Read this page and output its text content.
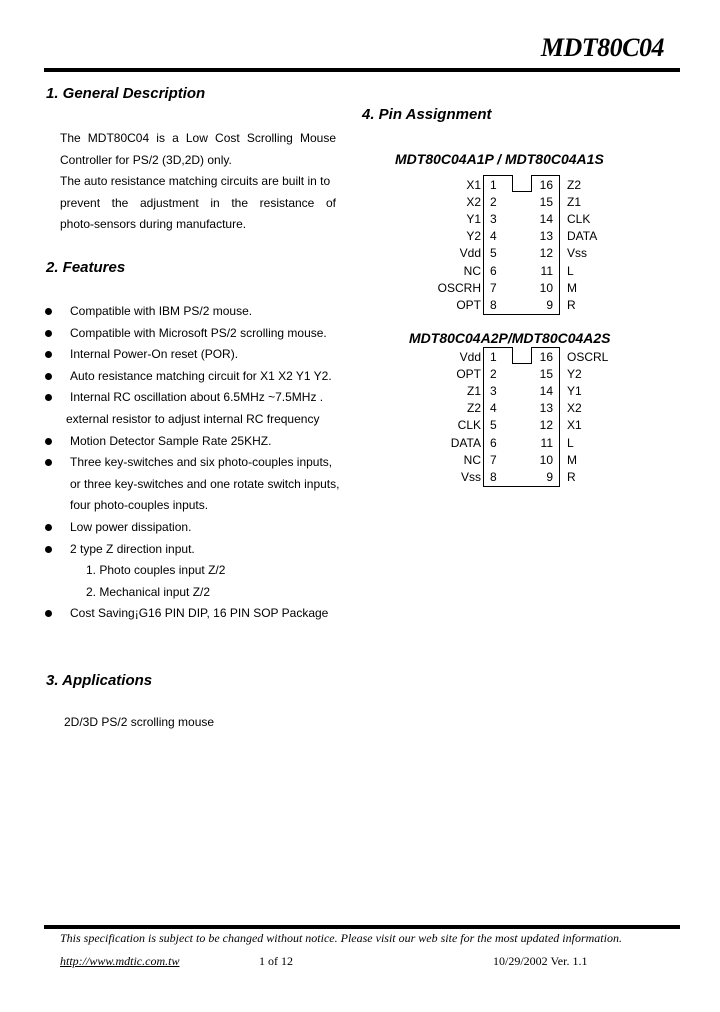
MDT80C04
1. General Description

The MDT80C04 is a Low Cost Scrolling Mouse

Controller for PS/2 (3D,2D) only.

The auto resistance matching circuits are built in to

prevent the adjustment in the resistance of

photo-sensors during manufacture.

2. Features
Compatible with IBM PS/2 mouse.
Compatible with Microsoft PS/2 scrolling mouse.
Internal Power-On reset (POR).
Auto resistance matching circuit for X1 X2 Y1 Y2.
Internal RC oscillation about 6.5MHz ~7.5MHz .
external resistor to adjust internal RC frequency
Motion Detector Sample Rate 25KHZ.
Three key-switches and six photo-couples inputs,
or three key-switches and one rotate switch inputs,
four photo-couples inputs.
Low power dissipation.
2 type Z direction input.
1. Photo couples input Z/2
2. Mechanical input Z/2
Cost Saving¡G16 PIN DIP, 16 PIN SOP Package
3. Applications
2D/3D PS/2 scrolling mouse
4. Pin Assignment
MDT80C04A1P / MDT80C04A1S
X1 1	16 Z2
X2 2	15 Z1
Y1 3	14 CLK
Y2 4	13 DATA
Vdd 5	12 Vss
NC 6	11 L
OSCRH 7	10 M
OPT 8	9 R
MDT80C04A2P/MDT80C04A2S
Vdd 1	16 OSCRL
OPT 2	15 Y2
Z1 3	14 Y1
Z2 4	13 X2
CLK 5	12 X1
DATA 6	11 L
NC 7	10 M
Vss 8	9 R
This specification is subject to be changed without notice. Please visit our web site for the most updated information.
http://www.mdtic.com.tw	1 of 12	10/29/2002 Ver. 1.1
